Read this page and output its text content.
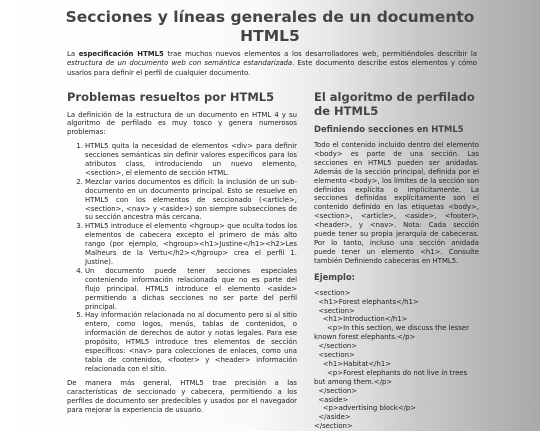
Secciones y líneas generales de un documento HTML5

La especificación HTML5 trae muchos nuevos elementos a los desarrolladores web, permitiéndoles describir la estructura de un documento web con semántica estandarizada. Este documento describe estos elementos y cómo usarlos para definir el perfil de cualquier documento.

Problemas resueltos por HTML5

La definición de la estructura de un documento en HTML 4 y su algoritmo de perfilado es muy tosco y genera numerosos problemas:

1. HTML5 quita la necesidad de elementos <div> para definir secciones semánticas sin definir valores específicos para los atributos class, introduciendo un nuevo elemento, <section>, el elemento de sección HTML.
2. Mezclar varios documentos es difícil: la inclusión de un sub-documento en un documento principal. Esto se resuelve en HTML5 con los elementos de seccionado (<article>, <section>, <nav> y <aside>) son siempre subsecciones de su sección ancestra más cercana.
3. HTML5 introduce el elemento <hgroup> que oculta todos los elementos de cabecera excepto el primero de más alto rango (por ejemplo, <hgroup><h1>Justine</h1><h2>Les Malheurs de la Vertu</h2></hgroup> crea el perfil 1. Justine).
4. Un documento puede tener secciones especiales conteniendo información relacionada que no es parte del flujo principal. HTML5 introduce el elemento <aside> permitiendo a dichas secciones no ser parte del perfil principal.
5. Hay información relacionada no al documento pero si al sitio entero, como logos, menús, tablas de contenidos, o información de derechos de autor y notas legales. Para ese propósito, HTML5 introduce tres elementos de sección específicos: <nav> para colecciones de enlaces, como una tabla de contenidos, <footer> y <header> información relacionada con el sitio.

De manera más general, HTML5 trae precisión a las características de seccionado y cabecera, permitiendo a los perfiles de documento ser predecibles y usados por el navegador para mejorar la experiencia de usuario.

El algoritmo de perfilado de HTML5
Definiendo secciones en HTML5

Todo el contenido incluido dentro del elemento <body> es parte de una sección. Las secciones en HTML5 pueden ser anidadas. Además de la sección principal, definida por el elemento <body>, los límites de la sección son definidos explícita o implícitamente. La secciones definidas explícitamente son el contenido definido en las etiquetas <body>, <section>, <article>, <aside>, <footer>, <header>, y <nav>. Nota: Cada sección puede tener su propia jerarquía de cabeceras. Por lo tanto, incluso una sección anidada puede tener un elemento <h1>. Consulte también Definiendo cabeceras en HTML5.

Ejemplo:
<section>
<h1>Forest elephants</h1>
<section>
<h1>Introduction</h1>
<p>In this section, we discuss the lesser known forest elephants.</p>
</section>
<section>
<h1>Habitat</h1>
<p>Forest elephants do not live in trees but among them.</p>
</section>
<aside>
<p>advertising block</p>
</aside>
</section>
